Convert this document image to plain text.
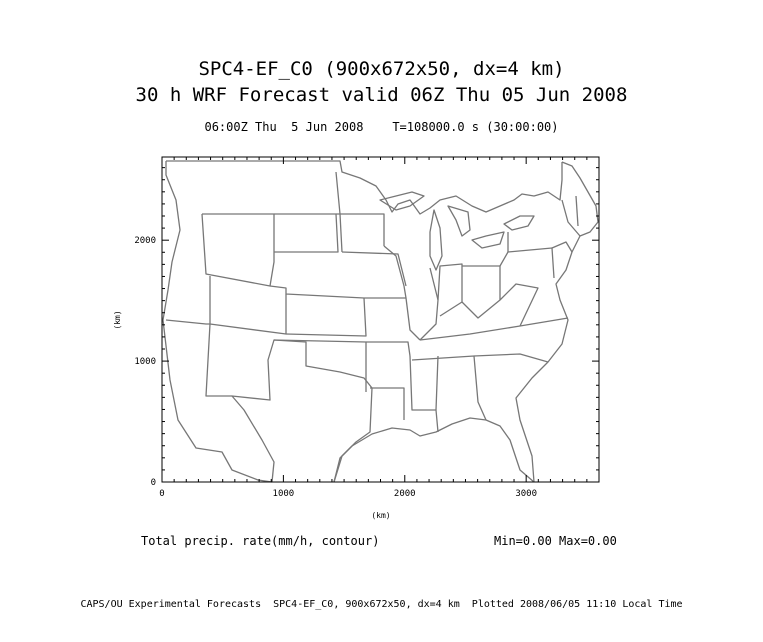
SPC4-EF_C0 (900x672x50, dx=4 km)
30 h WRF Forecast valid 06Z Thu 05 Jun 2008
06:00Z Thu  5 Jun 2008    T=108000.0 s (30:00:00)
0	1000	2000	3000
0
1000
2000
(km)
(km)
Total precip. rate(mm/h, contour)	Min=0.00 Max=0.00
CAPS/OU Experimental Forecasts  SPC4-EF_C0, 900x672x50, dx=4 km  Plotted 2008/06/05 11:10 Local Time
